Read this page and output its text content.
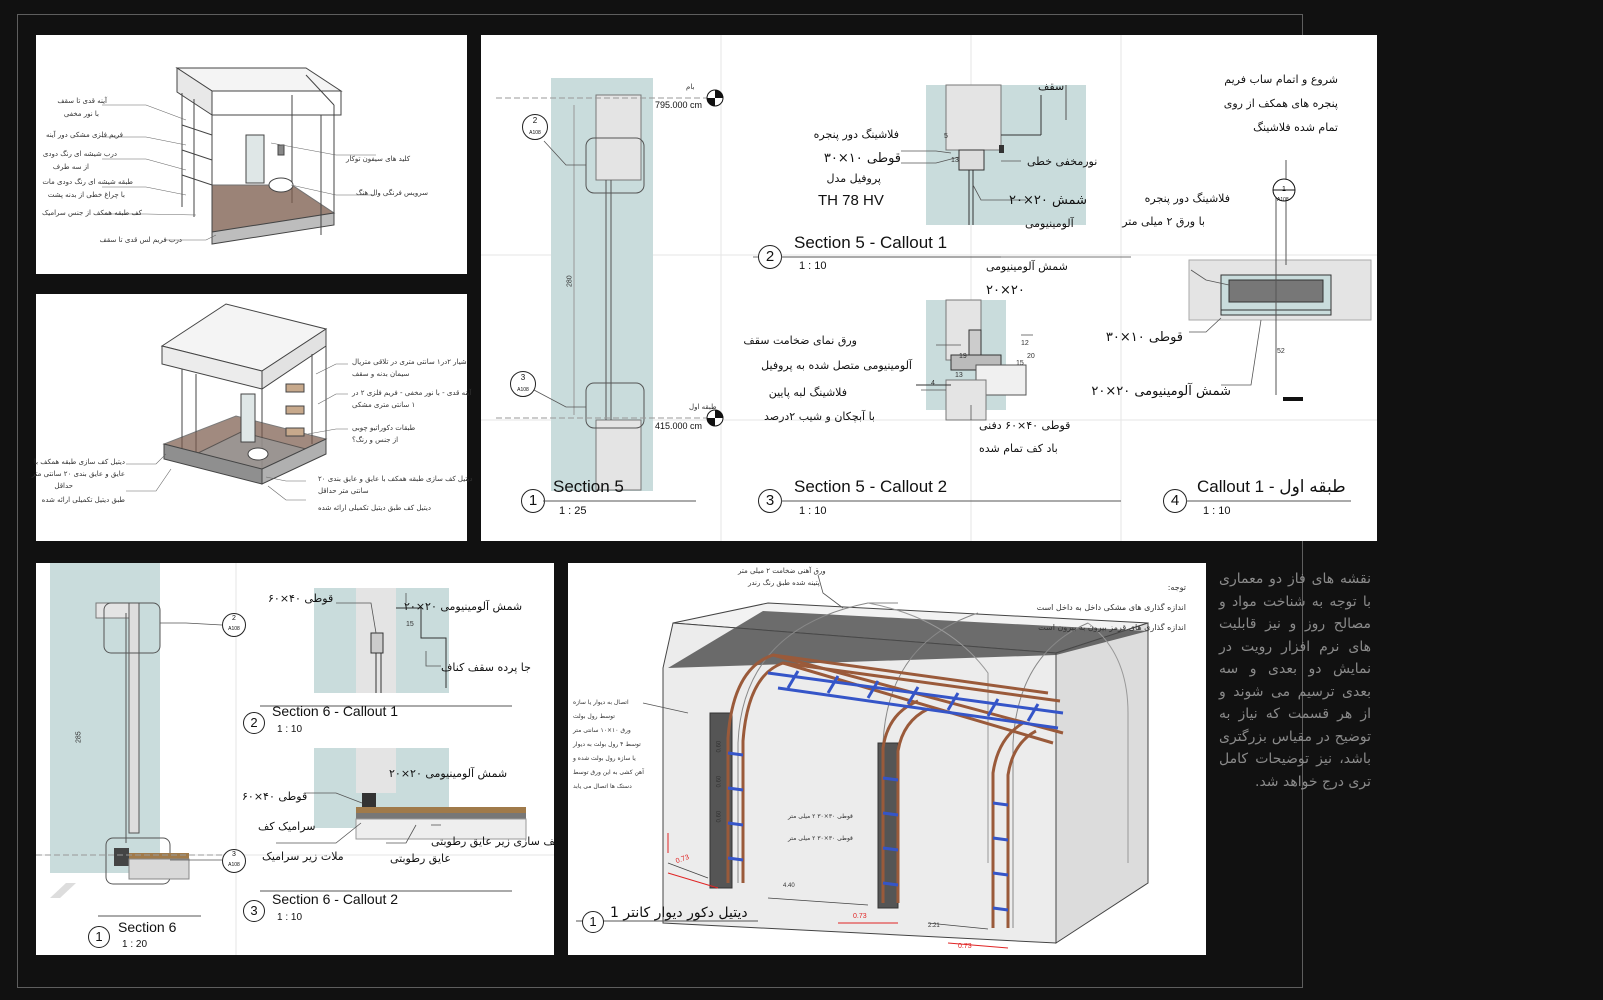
آینه قدی تا سقف
با نور مخفی
فریم فلزی مشکی دور آینه
درب شیشه ای رنگ دودی
از سه طرف
طبقه شیشه ای رنگ دودی مات
با چراغ خطی از بدنه پشت
کف طبقه همکف از جنس سرامیک
درب فریم لس قدی تا سقف
کلید های سیفون توکار
سرویس فرنگی وال هنگ
شیار ۲در۱ سانتی متری در تلاقی متریال
سیمان بدنه و سقف
آینه قدی - با نور مخفی - فریم فلزی ۲ در
۱ سانتی متری مشکی
طبقات دکوراتیو چوبی
از جنس و رنگ؟
دیتیل کف سازی طبقه همکف با عایق و عایق بندی ۲۰
سانتی متر حداقل
دیتیل کف سازی طبقه همکف با
عایق و عایق بندی ۲۰ سانتی متر
حداقل
طبق دیتیل تکمیلی ارائه شده
دیتیل کف طبق دیتیل تکمیلی ارائه شده
بام
795.000 cm
طبقه اول
415.000 cm
280
2
A108
3
A108
سقف
فلاشینگ دور پنجره
قوطی ۱۰×۳۰
پروفیل مدل
TH 78 HV
نورمخفی خطی
شمش ۲۰×۲۰
آلومینیومی
5
13
شمش آلومینیومی
۲۰×۲۰
ورق نمای ضخامت سقف
آلومینیومی متصل شده به پروفیل
فلاشینگ لبه پایین
با آبچکان و شیب ۲درصد
قوطی ۴۰×۶۰ دفنی
باد کف تمام شده
19
13
12
15
20
4
شروع و اتمام ساب فریم
پنجره های همکف از روی
تمام شده فلاشینگ
فلاشینگ دور پنجره
با ورق ۲ میلی متر
قوطی ۱۰×۳۰
شمش آلومینیومی ۲۰×۲۰
52
1
A108
1
Section 5
1 : 25
2
Section 5 - Callout 1
1 : 10
3
Section 5 - Callout 2
1 : 10
4
طبقه اول - Callout 1
1 : 10
285
2
A108
3
A108
قوطی ۴۰×۶۰
شمش آلومینیومی ۲۰×۲۰
جا پرده سقف کناف
15
شمش آلومینیومی ۲۰×۲۰
قوطی ۴۰×۶۰
سرامیک کف
ملات زیر سرامیک
کف سازی زیر عایق رطوبتی
عایق رطوبتی
1
Section 6
1 : 20
2
Section 6 - Callout 1
1 : 10
3
Section 6 - Callout 2
1 : 10
ورق آهنی ضخامت ۲ میلی متر
پتینه شده طبق رنگ رندر	توجه:
اندازه گذاری های مشکی داخل به داخل است
اندازه گذاری های قرمز بیرون به بیرون است
اتصال به دیوار یا سازه
توسط رول بولت
ورق ۱۰×۱۰ سانتی متر
توسط ۴ رول بولت به دیوار
یا سازه رول بولت شده و
آهن کشی به این ورق توسط
دستک ها اتصال می یابد
قوطی ۳۰×۳۰ ۲ میلی متر
قوطی ۳۰×۳۰ ۲ میلی متر
0.73
0.73
0.73
4.40
2.21
0.60
0.60
0.60
1
دیتیل دکور دیوار کانتر 1
نقشه های فاز دو معماری با توجه به شناخت مواد و مصالح روز و نیز قابلیت های نرم افزار رویت در نمایش دو بعدی و سه بعدی ترسیم می شوند و از هر قسمت که نیاز به توضیح در مقیاس بزرگتری باشد، نیز توضیحات کامل تری درج خواهد شد.
